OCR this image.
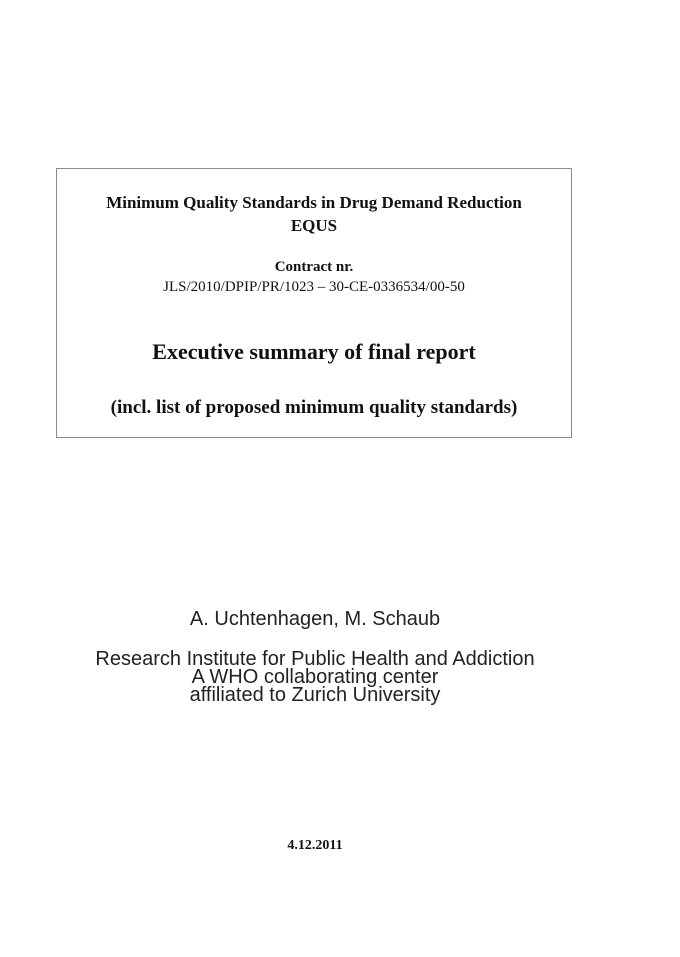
Minimum Quality Standards in Drug Demand Reduction
EQUS
Contract nr.
JLS/2010/DPIP/PR/1023 – 30-CE-0336534/00-50
Executive summary of final report
(incl. list of proposed minimum quality standards)
A. Uchtenhagen, M. Schaub
Research Institute for Public Health and Addiction
A WHO collaborating center
affiliated to Zurich University
4.12.2011
